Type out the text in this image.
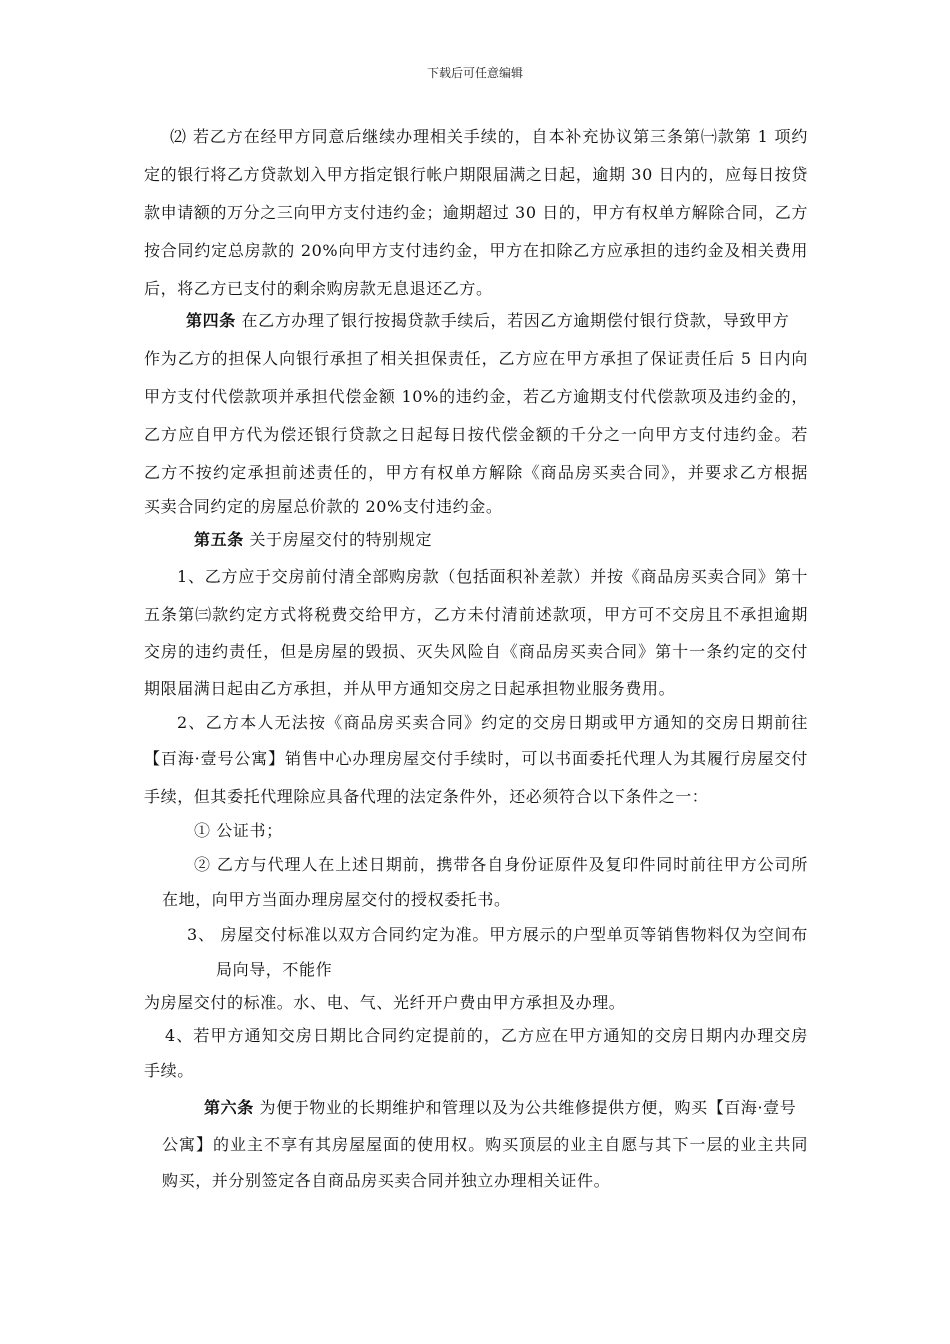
下载后可任意编辑
⑵ 若乙方在经甲方同意后继续办理相关手续的，自本补充协议第三条第㈠款第 1 项约
定的银行将乙方贷款划入甲方指定银行帐户期限届满之日起，逾期 30 日内的，应每日按贷
款申请额的万分之三向甲方支付违约金；逾期超过 30 日的，甲方有权单方解除合同，乙方
按合同约定总房款的 20%向甲方支付违约金，甲方在扣除乙方应承担的违约金及相关费用
后，将乙方已支付的剩余购房款无息退还乙方。
第四条 在乙方办理了银行按揭贷款手续后，若因乙方逾期偿付银行贷款，导致甲方
作为乙方的担保人向银行承担了相关担保责任，乙方应在甲方承担了保证责任后 5 日内向
甲方支付代偿款项并承担代偿金额 10%的违约金，若乙方逾期支付代偿款项及违约金的，
乙方应自甲方代为偿还银行贷款之日起每日按代偿金额的千分之一向甲方支付违约金。若
乙方不按约定承担前述责任的，甲方有权单方解除《商品房买卖合同》，并要求乙方根据
买卖合同约定的房屋总价款的 20%支付违约金。
第五条 关于房屋交付的特别规定
1、乙方应于交房前付清全部购房款（包括面积补差款）并按《商品房买卖合同》第十
五条第㈢款约定方式将税费交给甲方，乙方未付清前述款项，甲方可不交房且不承担逾期
交房的违约责任，但是房屋的毁损、灭失风险自《商品房买卖合同》第十一条约定的交付
期限届满日起由乙方承担，并从甲方通知交房之日起承担物业服务费用。
2、乙方本人无法按《商品房买卖合同》约定的交房日期或甲方通知的交房日期前往
【百海·壹号公寓】销售中心办理房屋交付手续时，可以书面委托代理人为其履行房屋交付
手续，但其委托代理除应具备代理的法定条件外，还必须符合以下条件之一：
① 公证书；
② 乙方与代理人在上述日期前，携带各自身份证原件及复印件同时前往甲方公司所
在地，向甲方当面办理房屋交付的授权委托书。
3、 房屋交付标准以双方合同约定为准。甲方展示的户型单页等销售物料仅为空间布
局向导，不能作
为房屋交付的标准。水、电、气、光纤开户费由甲方承担及办理。
4、若甲方通知交房日期比合同约定提前的，乙方应在甲方通知的交房日期内办理交房
手续。
第六条 为便于物业的长期维护和管理以及为公共维修提供方便，购买【百海·壹号
公寓】的业主不享有其房屋屋面的使用权。购买顶层的业主自愿与其下一层的业主共同
购买，并分别签定各自商品房买卖合同并独立办理相关证件。
